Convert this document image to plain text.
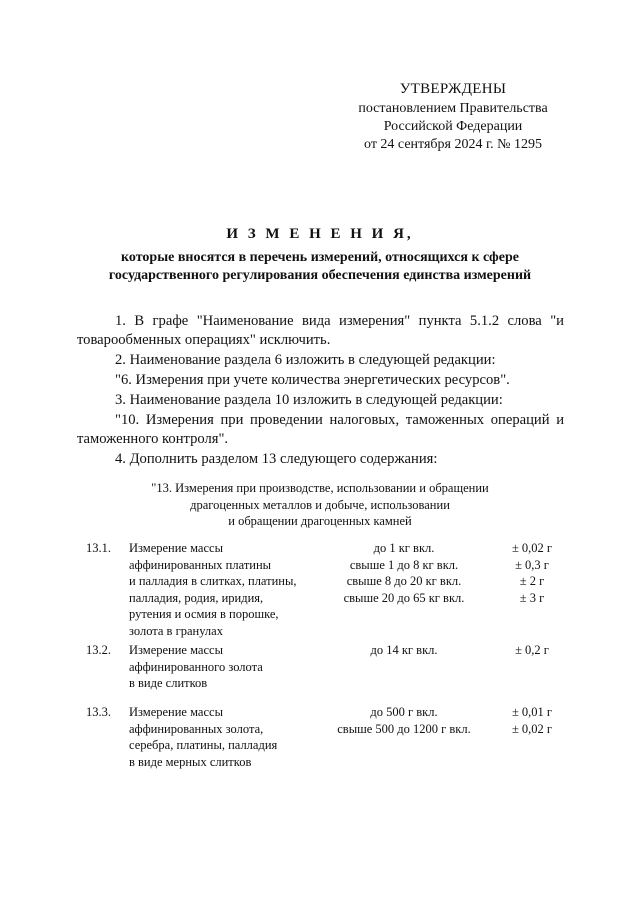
УТВЕРЖДЕНЫ
постановлением Правительства
Российской Федерации
от 24 сентября 2024 г. № 1295
И З М Е Н Е Н И Я,
которые вносятся в перечень измерений, относящихся к сфере
государственного регулирования обеспечения единства измерений

1. В графе "Наименование вида измерения" пункта 5.1.2 слова "и товарообменных операциях" исключить.

2. Наименование раздела 6 изложить в следующей редакции:

"6. Измерения при учете количества энергетических ресурсов".

3. Наименование раздела 10 изложить в следующей редакции:

"10. Измерения при проведении налоговых, таможенных операций и таможенного контроля".

4. Дополнить разделом 13 следующего содержания:

"13. Измерения при производстве, использовании и обращении
драгоценных металлов и добыче, использовании
и обращении драгоценных камней
13.1. Измерение массы
аффинированных платины
и палладия в слитках, платины,
палладия, родия, иридия,
рутения и осмия в порошке,
золота в гранулах
до 1 кг вкл.
свыше 1 до 8 кг вкл.
свыше 8 до 20 кг вкл.
свыше 20 до 65 кг вкл.
± 0,02 г
± 0,3 г
± 2 г
± 3 г
13.2. Измерение массы
аффинированного золота
в виде слитков
до 14 кг вкл.	± 0,2 г
13.3. Измерение массы
аффинированных золота,
серебра, платины, палладия
в виде мерных слитков
до 500 г вкл.
свыше 500 до 1200 г вкл.
± 0,01 г
± 0,02 г
